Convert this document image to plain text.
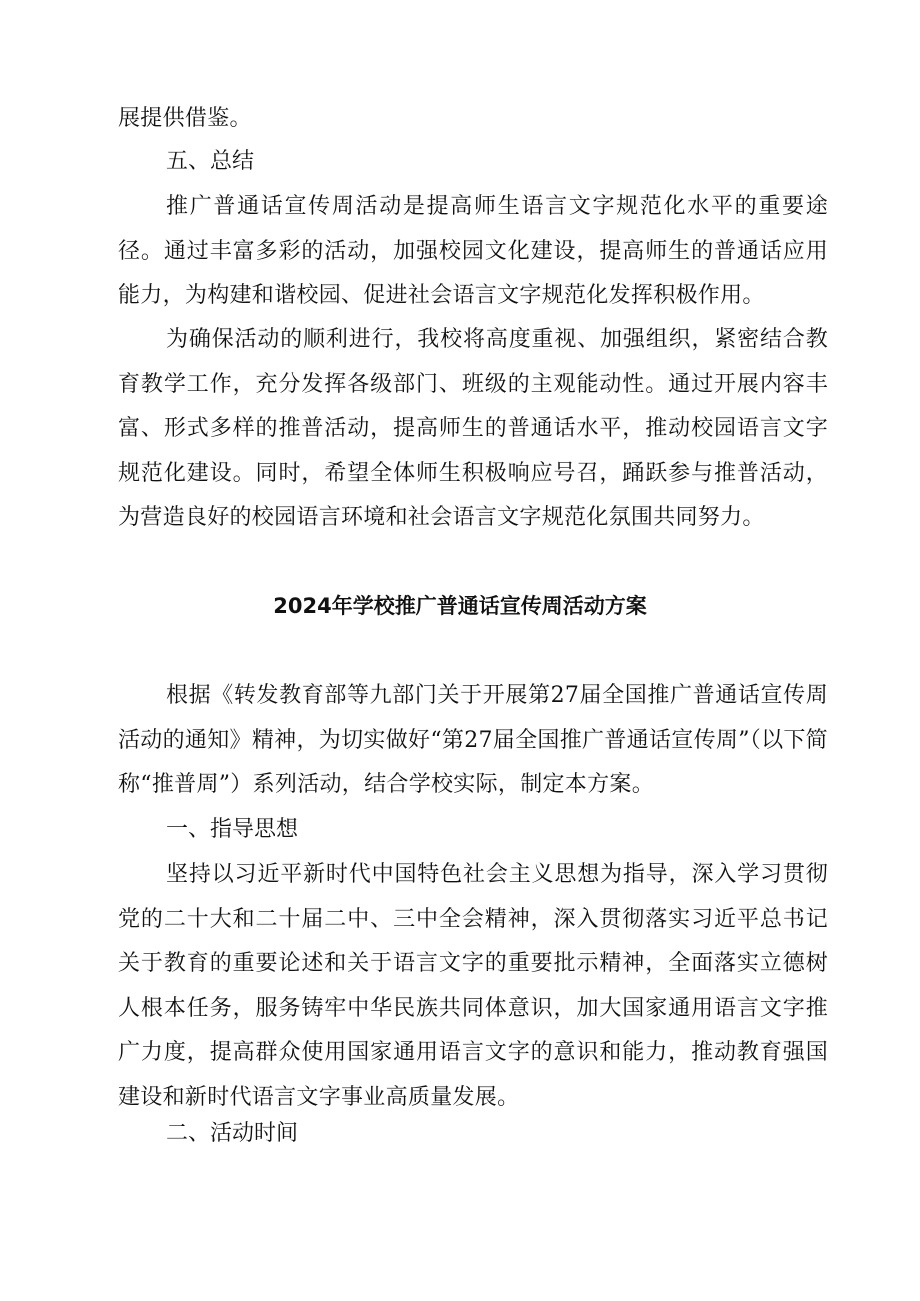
展提供借鉴。
五、总结
推广普通话宣传周活动是提高师生语言文字规范化水平的重要途径。通过丰富多彩的活动，加强校园文化建设，提高师生的普通话应用能力，为构建和谐校园、促进社会语言文字规范化发挥积极作用。
为确保活动的顺利进行，我校将高度重视、加强组织，紧密结合教育教学工作，充分发挥各级部门、班级的主观能动性。通过开展内容丰富、形式多样的推普活动，提高师生的普通话水平，推动校园语言文字规范化建设。同时，希望全体师生积极响应号召，踊跃参与推普活动，为营造良好的校园语言环境和社会语言文字规范化氛围共同努力。
2024年学校推广普通话宣传周活动方案
根据《转发教育部等九部门关于开展第27届全国推广普通话宣传周活动的通知》精神，为切实做好“第27届全国推广普通话宣传周”（以下简称“推普周”）系列活动，结合学校实际，制定本方案。
一、指导思想
坚持以习近平新时代中国特色社会主义思想为指导，深入学习贯彻党的二十大和二十届二中、三中全会精神，深入贯彻落实习近平总书记关于教育的重要论述和关于语言文字的重要批示精神，全面落实立德树人根本任务，服务铸牢中华民族共同体意识，加大国家通用语言文字推广力度，提高群众使用国家通用语言文字的意识和能力，推动教育强国建设和新时代语言文字事业高质量发展。
二、活动时间
